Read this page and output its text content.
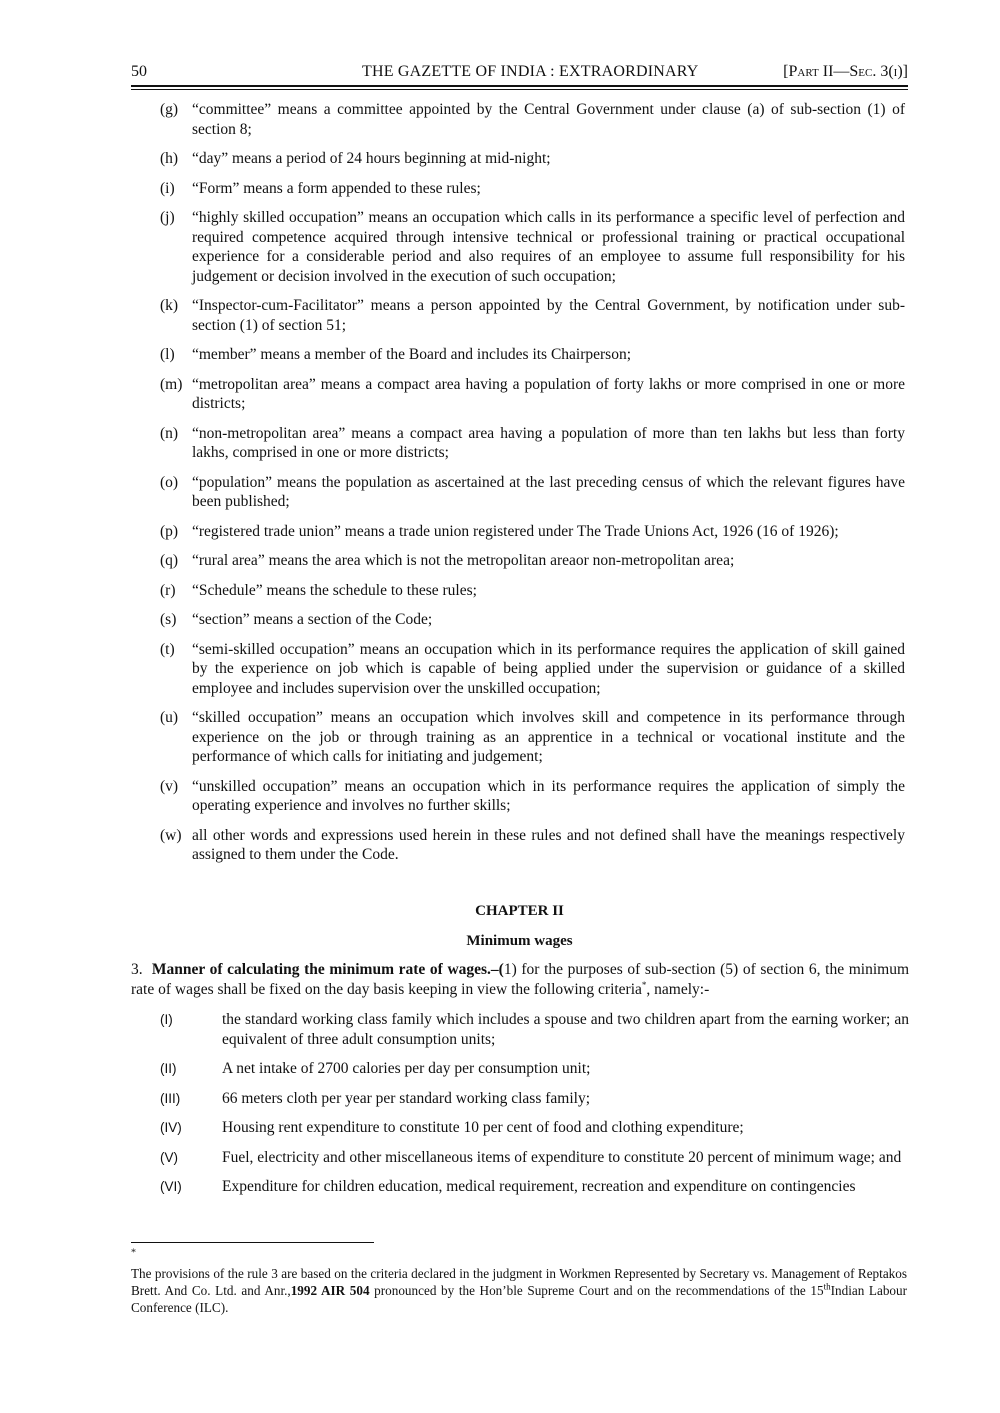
50	THE GAZETTE OF INDIA : EXTRAORDINARY	[Part II—Sec. 3(i)]
(g) “committee” means a committee appointed by the Central Government under clause (a) of sub-section (1) of section 8;
(h) “day” means a period of 24 hours beginning at mid-night;
(i)	“Form” means a form appended to these rules;
(j)	“highly skilled occupation” means an occupation which calls in its performance a specific level of perfection and required competence acquired through intensive technical or professional training or practical occupational experience for a considerable period and also requires of an employee to assume full responsibility for his judgement or decision involved in the execution of such occupation;
(k) “Inspector-cum-Facilitator” means a person appointed by the Central Government, by notification under sub-section (1) of section 51;
(l)	“member” means a member of the Board and includes its Chairperson;
(m) “metropolitan area” means a compact area having a population of forty lakhs or more comprised in one or more districts;
(n) “non-metropolitan area” means a compact area having a population of more than ten lakhs but less than forty lakhs, comprised in one or more districts;
(o) “population” means the population as ascertained at the last preceding census of which the relevant figures have been published;
(p) “registered trade union” means a trade union registered under The Trade Unions Act, 1926 (16 of 1926);
(q) “rural area” means the area which is not the metropolitan areaor non-metropolitan area;
(r)	“Schedule” means the schedule to these rules;
(s)	“section” means a section of the Code;
(t)	“semi-skilled occupation” means an occupation which in its performance requires the application of skill gained by the experience on job which is capable of being applied under the supervision or guidance of a skilled employee and includes supervision over the unskilled occupation;
(u) “skilled occupation” means an occupation which involves skill and competence in its performance through experience on the job or through training as an apprentice in a technical or vocational institute and the performance of which calls for initiating and judgement;
(v) “unskilled occupation” means an occupation which in its performance requires the application of simply the operating experience and involves no further skills;
(w) all other words and expressions used herein in these rules and not defined shall have the meanings respectively assigned to them under the Code.
CHAPTER II
Minimum wages
3. Manner of calculating the minimum rate of wages.–(1) for the purposes of sub-section (5) of section 6, the minimum rate of wages shall be fixed on the day basis keeping in view the following criteria*, namely:-
(I)	the standard working class family which includes a spouse and two children apart from the earning worker; an equivalent of three adult consumption units;
(II)	A net intake of 2700 calories per day per consumption unit;
(III)	66 meters cloth per year per standard working class family;
(IV)	Housing rent expenditure to constitute 10 per cent of food and clothing expenditure;
(V)	Fuel, electricity and other miscellaneous items of expenditure to constitute 20 percent of minimum wage; and
(VI)	Expenditure for children education, medical requirement, recreation and expenditure on contingencies
*
The provisions of the rule 3 are based on the criteria declared in the judgment in Workmen Represented by Secretary vs. Management of Reptakos Brett. And Co. Ltd. and Anr.,1992 AIR 504 pronounced by the Hon’ble Supreme Court and on the recommendations of the 15thIndian Labour Conference (ILC).
